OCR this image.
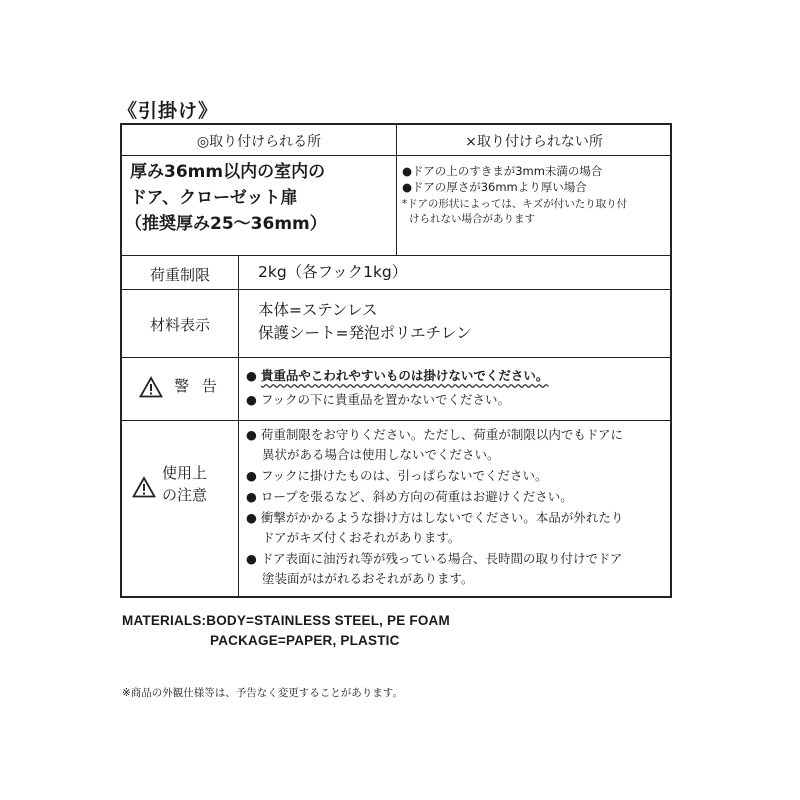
《引掛け》
◎取り付けられる所	×取り付けられない所
厚み36mm以内の室内の
ドア、クローゼット扉
（推奨厚み25～36mm）
●ドアの上のすきまが3mm未満の場合
●ドアの厚さが36mmより厚い場合
*ドアの形状によっては、キズが付いたり取り付
けられない場合があります
荷重制限	2kg（各フック1kg）
材料表示
本体=ステンレス
保護シート=発泡ポリエチレン
警 告
● 貴重品やこわれやすいものは掛けないでください。
● フックの下に貴重品を置かないでください。
使用上
の注意
● 荷重制限をお守りください。ただし、荷重が制限以内でもドアに
異状がある場合は使用しないでください。
● フックに掛けたものは、引っぱらないでください。
● ロープを張るなど、斜め方向の荷重はお避けください。
● 衝撃がかかるような掛け方はしないでください。本品が外れたり
ドアがキズ付くおそれがあります。
● ドア表面に油汚れ等が残っている場合、長時間の取り付けでドア
塗装面がはがれるおそれがあります。
MATERIALS:BODY=STAINLESS STEEL, PE FOAM
PACKAGE=PAPER, PLASTIC
※商品の外観仕様等は、予告なく変更することがあります。
